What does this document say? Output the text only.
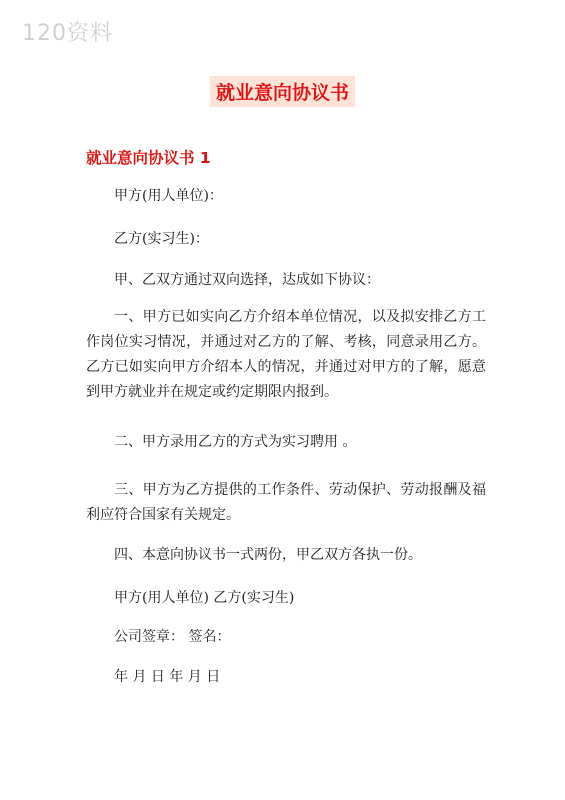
120资料
就业意向协议书
就业意向协议书 1
甲方(用人单位)：
乙方(实习生)：
甲、乙双方通过双向选择，达成如下协议：
一、甲方已如实向乙方介绍本单位情况，以及拟安排乙方工作岗位实习情况，并通过对乙方的了解、考核，同意录用乙方。乙方已如实向甲方介绍本人的情况，并通过对甲方的了解，愿意到甲方就业并在规定或约定期限内报到。
二、甲方录用乙方的方式为实习聘用 。
三、甲方为乙方提供的工作条件、劳动保护、劳动报酬及福利应符合国家有关规定。
四、本意向协议书一式两份，甲乙双方各执一份。
甲方(用人单位) 乙方(实习生)
公司签章： 签名：
年 月 日 年 月 日
